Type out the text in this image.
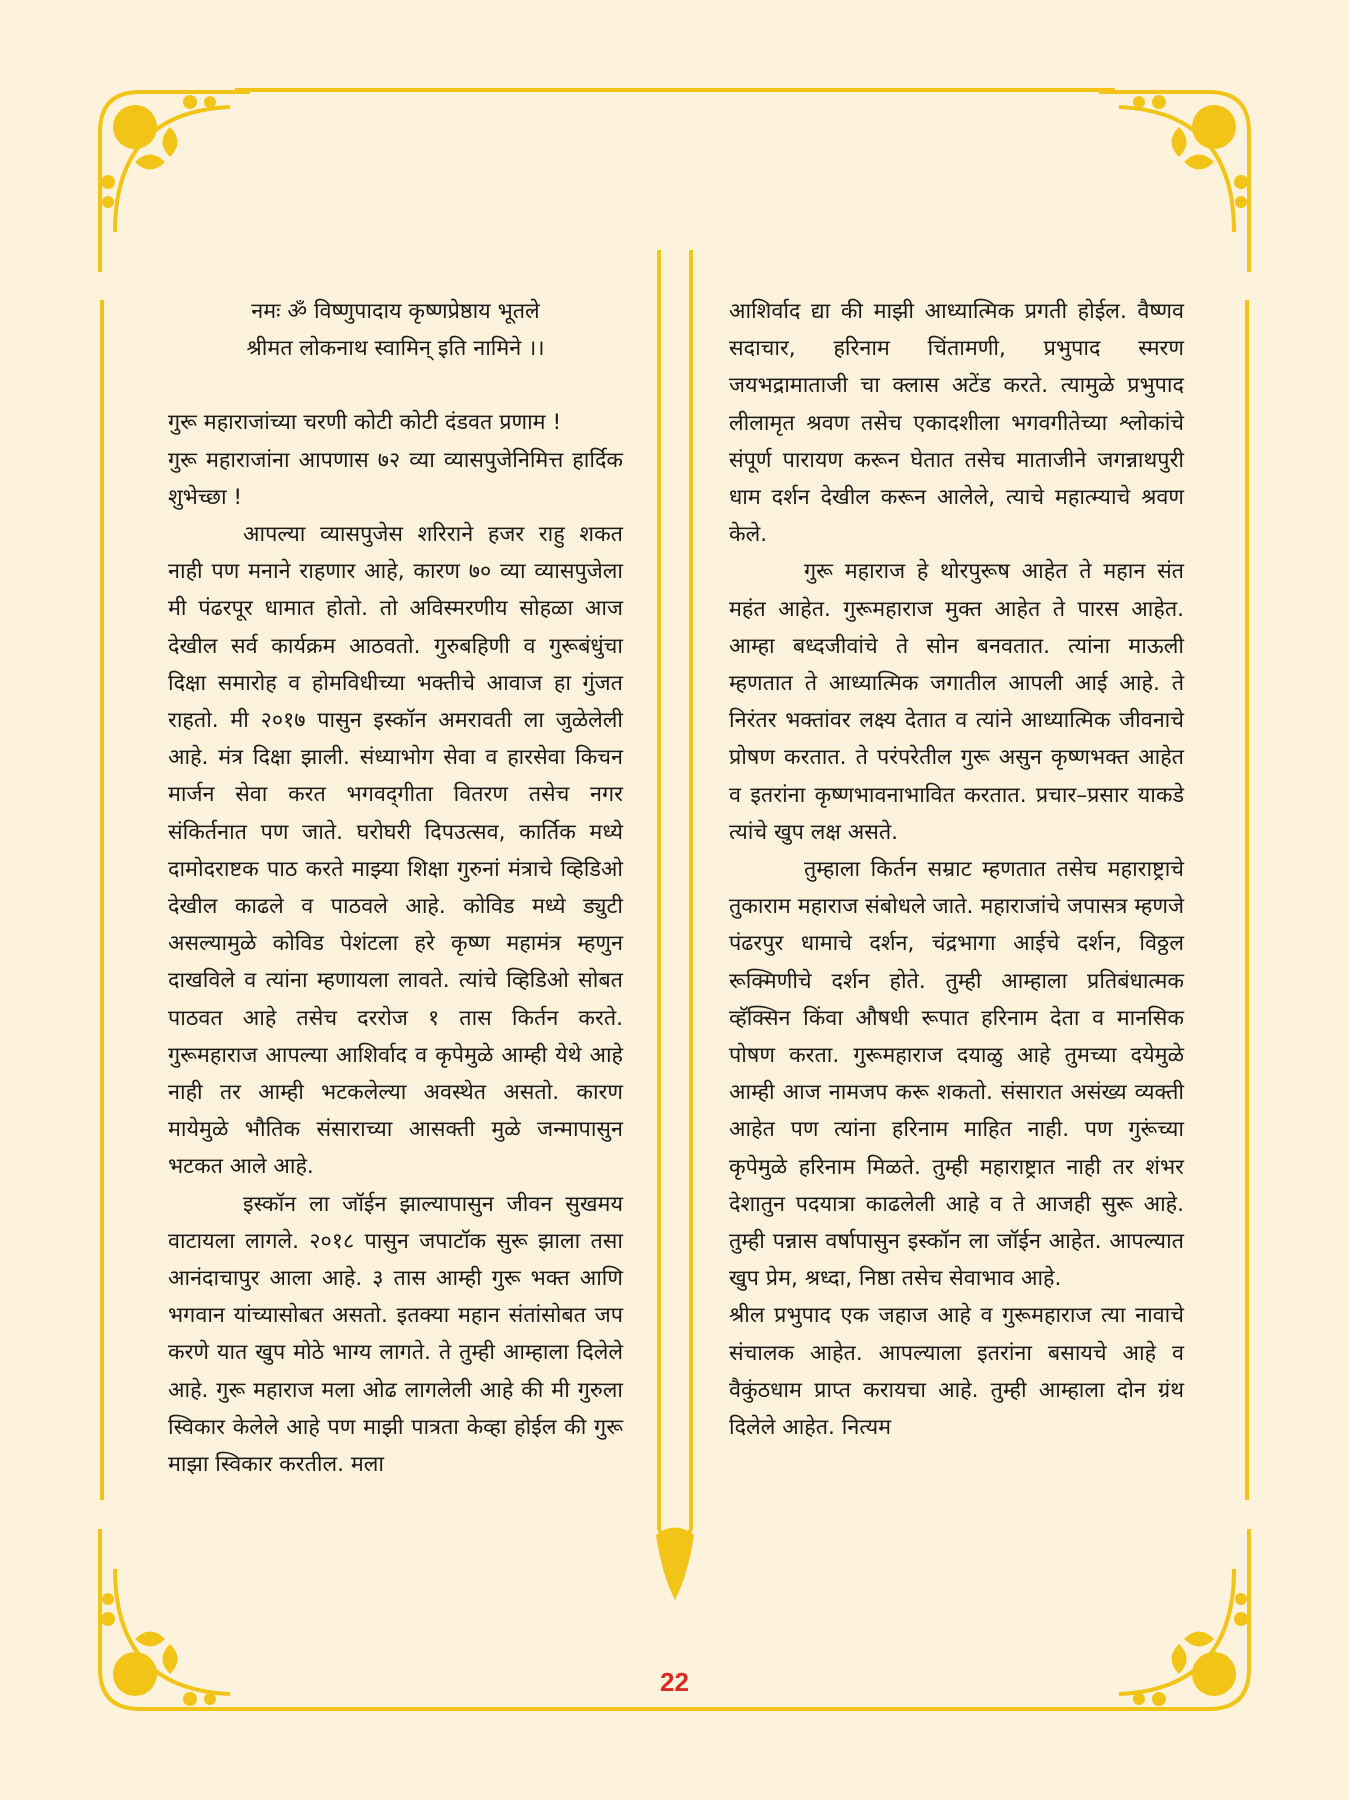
नमः ॐ विष्णुपादाय कृष्णप्रेष्ठाय भूतले

श्रीमत लोकनाथ स्वामिन् इति नामिने ।।

गुरू महाराजांच्या चरणी कोटी कोटी दंडवत प्रणाम !

गुरू महाराजांना आपणास ७२ व्या व्यासपुजेनिमित्त हार्दिक शुभेच्छा !

आपल्या व्यासपुजेस शरिराने हजर राहु शकत नाही पण मनाने राहणार आहे, कारण ७० व्या व्यासपुजेला मी पंढरपूर धामात होतो. तो अविस्मरणीय सोहळा आज देखील सर्व कार्यक्रम आठवतो. गुरुबहिणी व गुरूबंधुंचा दिक्षा समारोह व होमविधीच्या भक्तीचे आवाज हा गुंजत राहतो. मी २०१७ पासुन इस्कॉन अमरावती ला जुळेलेली आहे. मंत्र दिक्षा झाली. संध्याभोग सेवा व हारसेवा किचन मार्जन सेवा करत भगवद्‌गीता वितरण तसेच नगर संकिर्तनात पण जाते. घरोघरी दिपउत्सव, कार्तिक मध्ये दामोदराष्टक पाठ करते माझ्या शिक्षा गुरुनां मंत्राचे व्हिडिओ देखील काढले व पाठवले आहे. कोविड मध्ये ड्युटी असल्यामुळे कोविड पेशंटला हरे कृष्ण महामंत्र म्हणुन दाखविले व त्यांना म्हणायला लावते. त्यांचे व्हिडिओ सोबत पाठवत आहे तसेच दररोज १ तास किर्तन करते. गुरूमहाराज आपल्या आशिर्वाद व कृपेमुळे आम्ही येथे आहे नाही तर आम्ही भटकलेल्या अवस्थेत असतो. कारण मायेमुळे भौतिक संसाराच्या आसक्ती मुळे जन्मापासुन भटकत आले आहे.

इस्कॉन ला जॉईन झाल्यापासुन जीवन सुखमय वाटायला लागले. २०१८ पासुन जपाटॉक सुरू झाला तसा आनंदाचापुर आला आहे. ३ तास आम्ही गुरू भक्त आणि भगवान यांच्यासोबत असतो. इतक्या महान संतांसोबत जप करणे यात खुप मोठे भाग्य लागते. ते तुम्ही आम्हाला दिलेले आहे. गुरू महाराज मला ओढ लागलेली आहे की मी गुरुला स्विकार केलेले आहे पण माझी पात्रता केव्हा होईल की गुरू माझा स्विकार करतील. मला

आशिर्वाद द्या की माझी आध्यात्मिक प्रगती होईल. वैष्णव सदाचार, हरिनाम चिंतामणी, प्रभुपाद स्मरण जयभद्रामाताजी चा क्लास अटेंड करते. त्यामुळे प्रभुपाद लीलामृत श्रवण तसेच एकादशीला भगवगीतेच्या श्लोकांचे संपूर्ण पारायण करून घेतात तसेच माताजीने जगन्नाथपुरी धाम दर्शन देखील करून आलेले, त्याचे महात्म्याचे श्रवण केले.

गुरू महाराज हे थोरपुरूष आहेत ते महान संत महंत आहेत. गुरूमहाराज मुक्त आहेत ते पारस आहेत. आम्हा बध्दजीवांचे ते सोन बनवतात. त्यांना माऊली म्हणतात ते आध्यात्मिक जगातील आपली आई आहे. ते निरंतर भक्तांवर लक्ष्य देतात व त्यांने आध्यात्मिक जीवनाचे प्रोषण करतात. ते परंपरेतील गुरू असुन कृष्णभक्त आहेत व इतरांना कृष्णभावनाभावित करतात. प्रचार–प्रसार याकडे त्यांचे खुप लक्ष असते.

तुम्हाला किर्तन सम्राट म्हणतात तसेच महाराष्ट्राचे तुकाराम महाराज संबोधले जाते. महाराजांचे जपासत्र म्हणजे पंढरपुर धामाचे दर्शन, चंद्रभागा आईचे दर्शन, विठ्ठल रूक्मिणीचे दर्शन होते. तुम्ही आम्हाला प्रतिबंधात्मक व्हॅक्सिन किंवा औषधी रूपात हरिनाम देता व मानसिक पोषण करता. गुरूमहाराज दयाळु आहे तुमच्या दयेमुळे आम्ही आज नामजप करू शकतो. संसारात असंख्य व्यक्ती आहेत पण त्यांना हरिनाम माहित नाही. पण गुरूंच्या कृपेमुळे हरिनाम मिळते. तुम्ही महाराष्ट्रात नाही तर शंभर देशातुन पदयात्रा काढलेली आहे व ते आजही सुरू आहे. तुम्ही पन्नास वर्षापासुन इस्कॉन ला जॉईन आहेत. आपल्यात खुप प्रेम, श्रध्दा, निष्ठा तसेच सेवाभाव आहे.

श्रील प्रभुपाद एक जहाज आहे व गुरूमहाराज त्या नावाचे संचालक आहेत. आपल्याला इतरांना बसायचे आहे व वैकुंठधाम प्राप्त करायचा आहे. तुम्ही आम्हाला दोन ग्रंथ दिलेले आहेत. नित्यम

22
